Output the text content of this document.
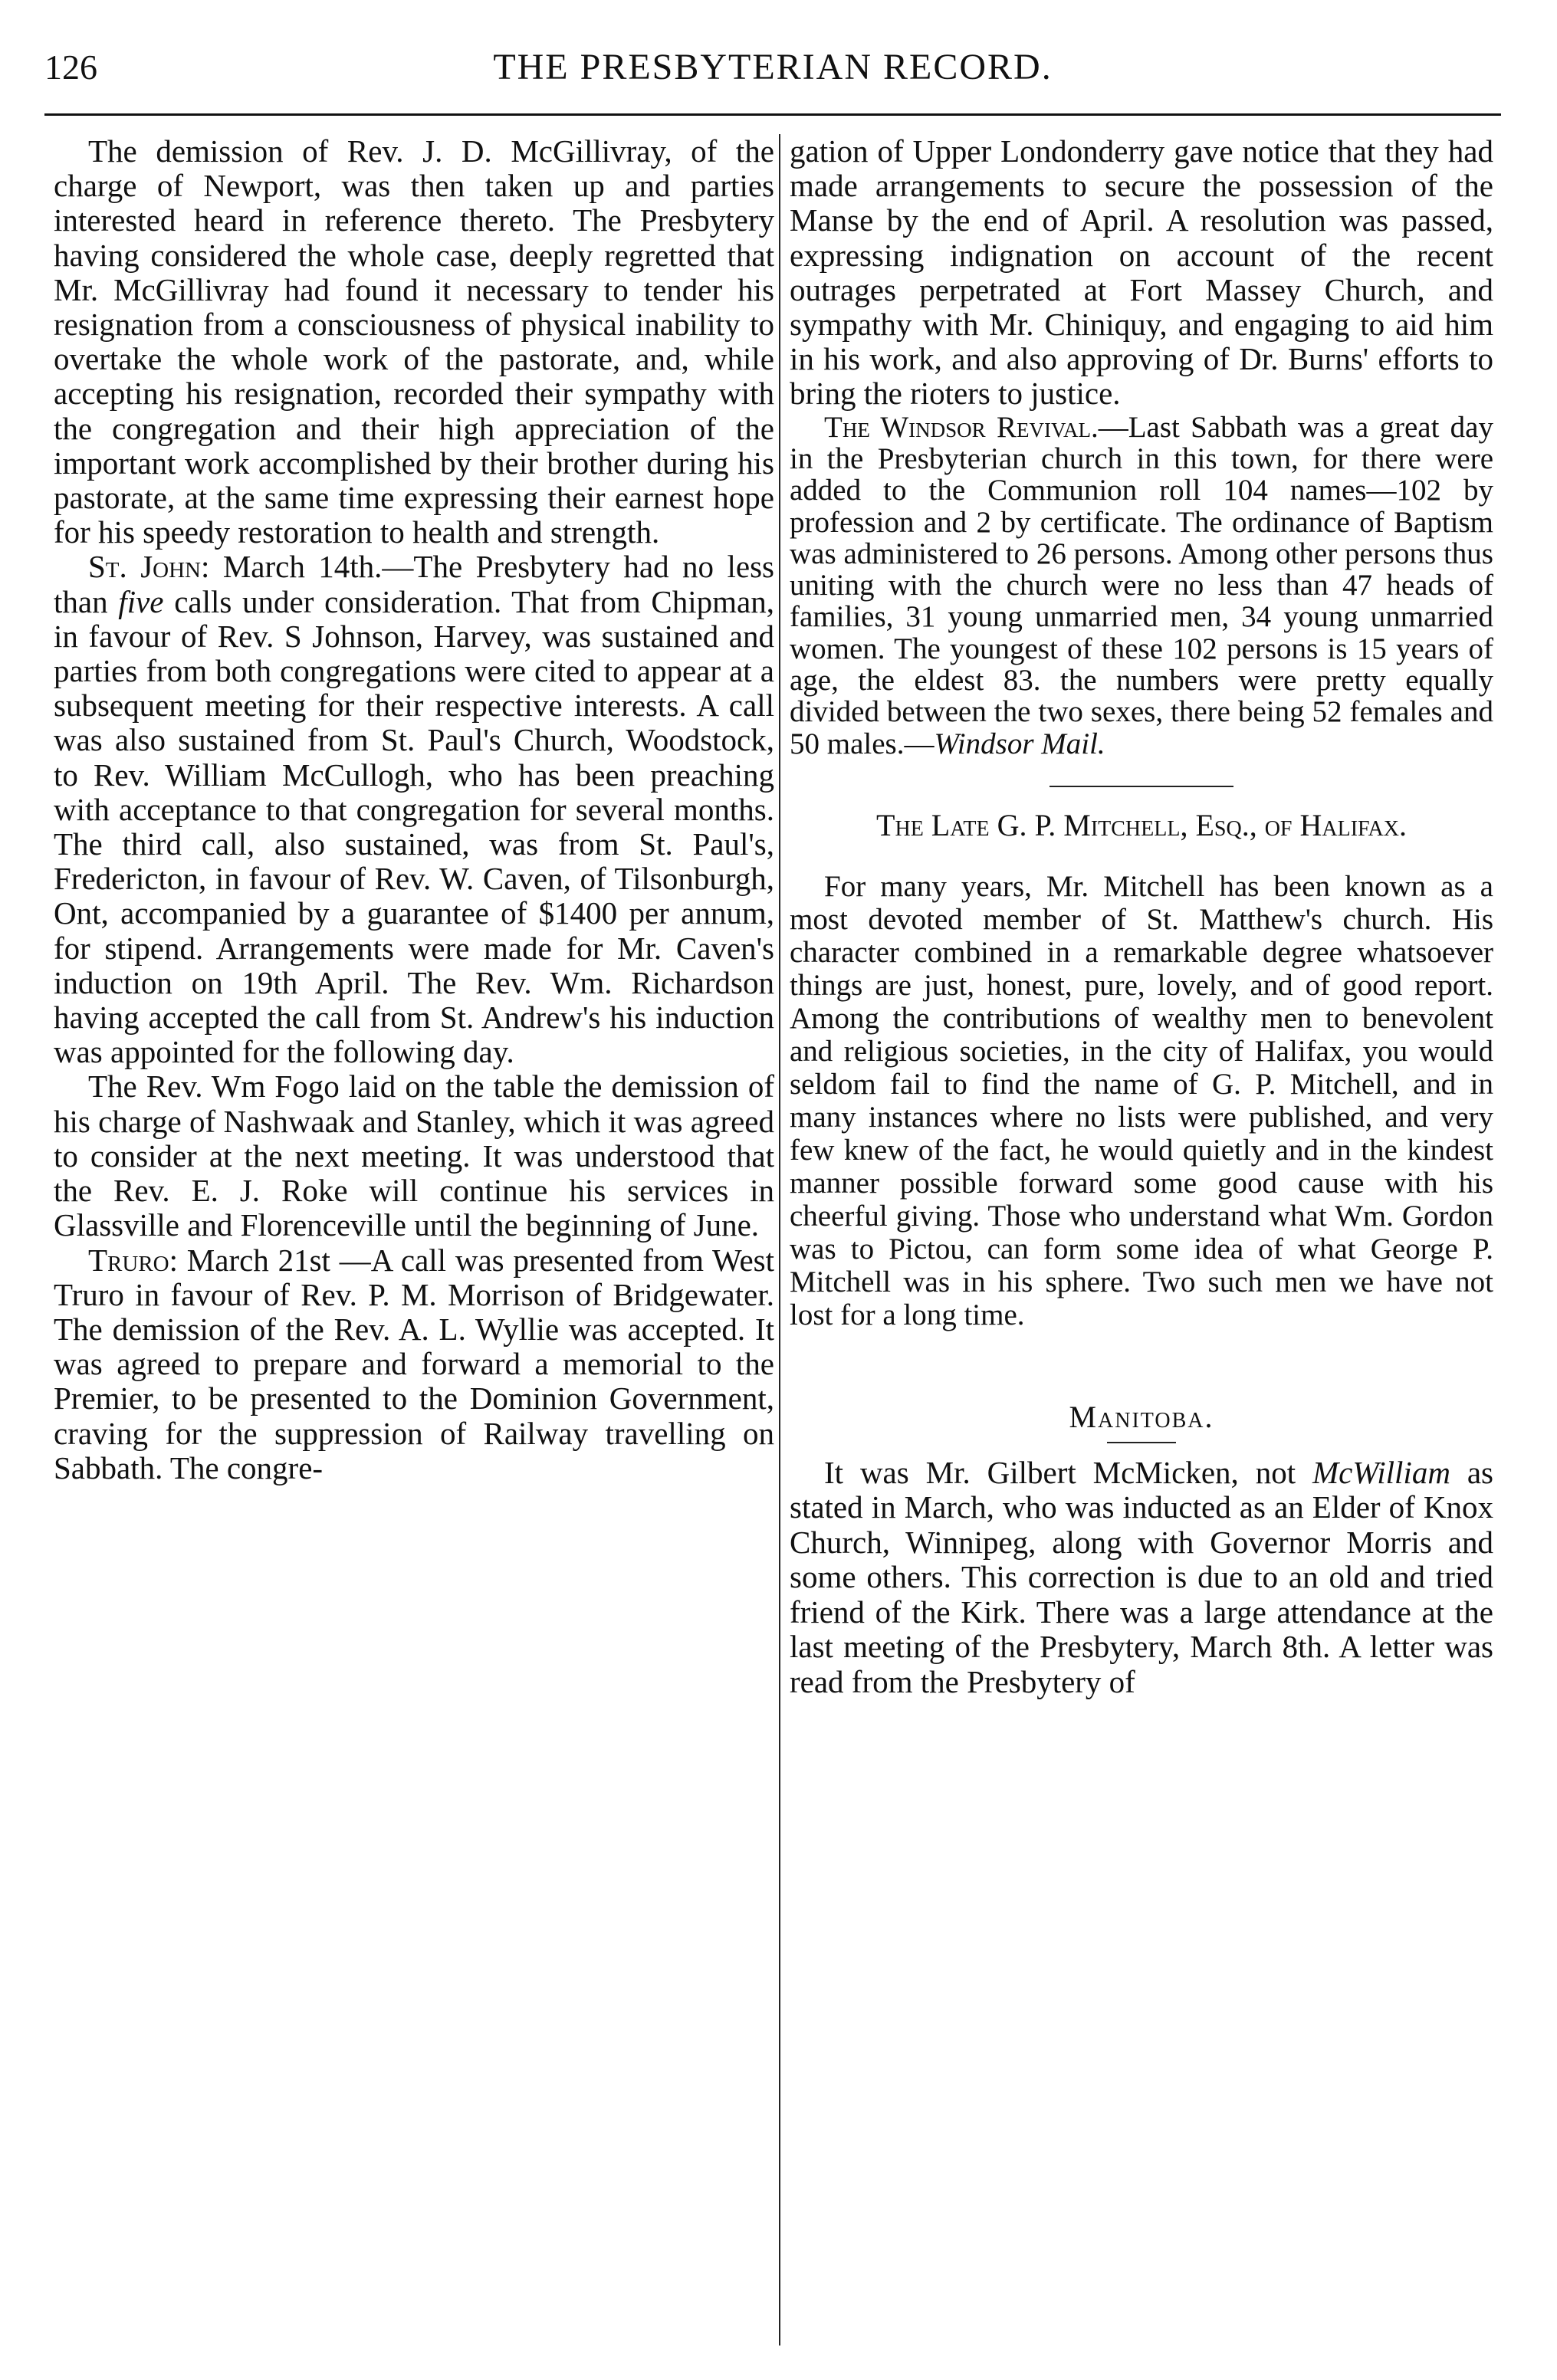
126	THE PRESBYTERIAN RECORD.

The demission of Rev. J. D. McGillivray, of the charge of Newport, was then taken up and parties interested heard in reference thereto. The Presbytery having considered the whole case, deeply regretted that Mr. McGillivray had found it necessary to tender his resignation from a consciousness of physical inability to overtake the whole work of the pastorate, and, while accepting his resignation, recorded their sympathy with the congregation and their high appreciation of the important work accomplished by their brother during his pastorate, at the same time expressing their earnest hope for his speedy restoration to health and strength.

St. John: March 14th.—The Presbytery had no less than five calls under consideration. That from Chipman, in favour of Rev. S Johnson, Harvey, was sustained and parties from both congregations were cited to appear at a subsequent meeting for their respective interests. A call was also sustained from St. Paul's Church, Woodstock, to Rev. William McCullogh, who has been preaching with acceptance to that congregation for several months. The third call, also sustained, was from St. Paul's, Fredericton, in favour of Rev. W. Caven, of Tilsonburgh, Ont, accompanied by a guarantee of $1400 per annum, for stipend. Arrangements were made for Mr. Caven's induction on 19th April. The Rev. Wm. Richardson having accepted the call from St. Andrew's his induction was appointed for the following day.

The Rev. Wm Fogo laid on the table the demission of his charge of Nashwaak and Stanley, which it was agreed to consider at the next meeting. It was understood that the Rev. E. J. Roke will continue his services in Glassville and Florenceville until the beginning of June.

Truro: March 21st —A call was presented from West Truro in favour of Rev. P. M. Morrison of Bridgewater. The demission of the Rev. A. L. Wyllie was accepted. It was agreed to prepare and forward a memorial to the Premier, to be presented to the Dominion Government, craving for the suppression of Railway travelling on Sabbath. The congre-

gation of Upper Londonderry gave notice that they had made arrangements to secure the possession of the Manse by the end of April. A resolution was passed, expressing indignation on account of the recent outrages perpetrated at Fort Massey Church, and sympathy with Mr. Chiniquy, and engaging to aid him in his work, and also approving of Dr. Burns' efforts to bring the rioters to justice.

The Windsor Revival.—Last Sabbath was a great day in the Presbyterian church in this town, for there were added to the Communion roll 104 names—102 by profession and 2 by certificate. The ordinance of Baptism was administered to 26 persons. Among other persons thus uniting with the church were no less than 47 heads of families, 31 young unmarried men, 34 young unmarried women. The youngest of these 102 persons is 15 years of age, the eldest 83. the numbers were pretty equally divided between the two sexes, there being 52 females and 50 males.—Windsor Mail.

The Late G. P. Mitchell, Esq., of Halifax.

For many years, Mr. Mitchell has been known as a most devoted member of St. Matthew's church. His character combined in a remarkable degree whatsoever things are just, honest, pure, lovely, and of good report. Among the contributions of wealthy men to benevolent and religious societies, in the city of Halifax, you would seldom fail to find the name of G. P. Mitchell, and in many instances where no lists were published, and very few knew of the fact, he would quietly and in the kindest manner possible forward some good cause with his cheerful giving. Those who understand what Wm. Gordon was to Pictou, can form some idea of what George P. Mitchell was in his sphere. Two such men we have not lost for a long time.

Manitoba.

It was Mr. Gilbert McMicken, not McWilliam as stated in March, who was inducted as an Elder of Knox Church, Winnipeg, along with Governor Morris and some others. This correction is due to an old and tried friend of the Kirk. There was a large attendance at the last meeting of the Presbytery, March 8th. A letter was read from the Presbytery of
